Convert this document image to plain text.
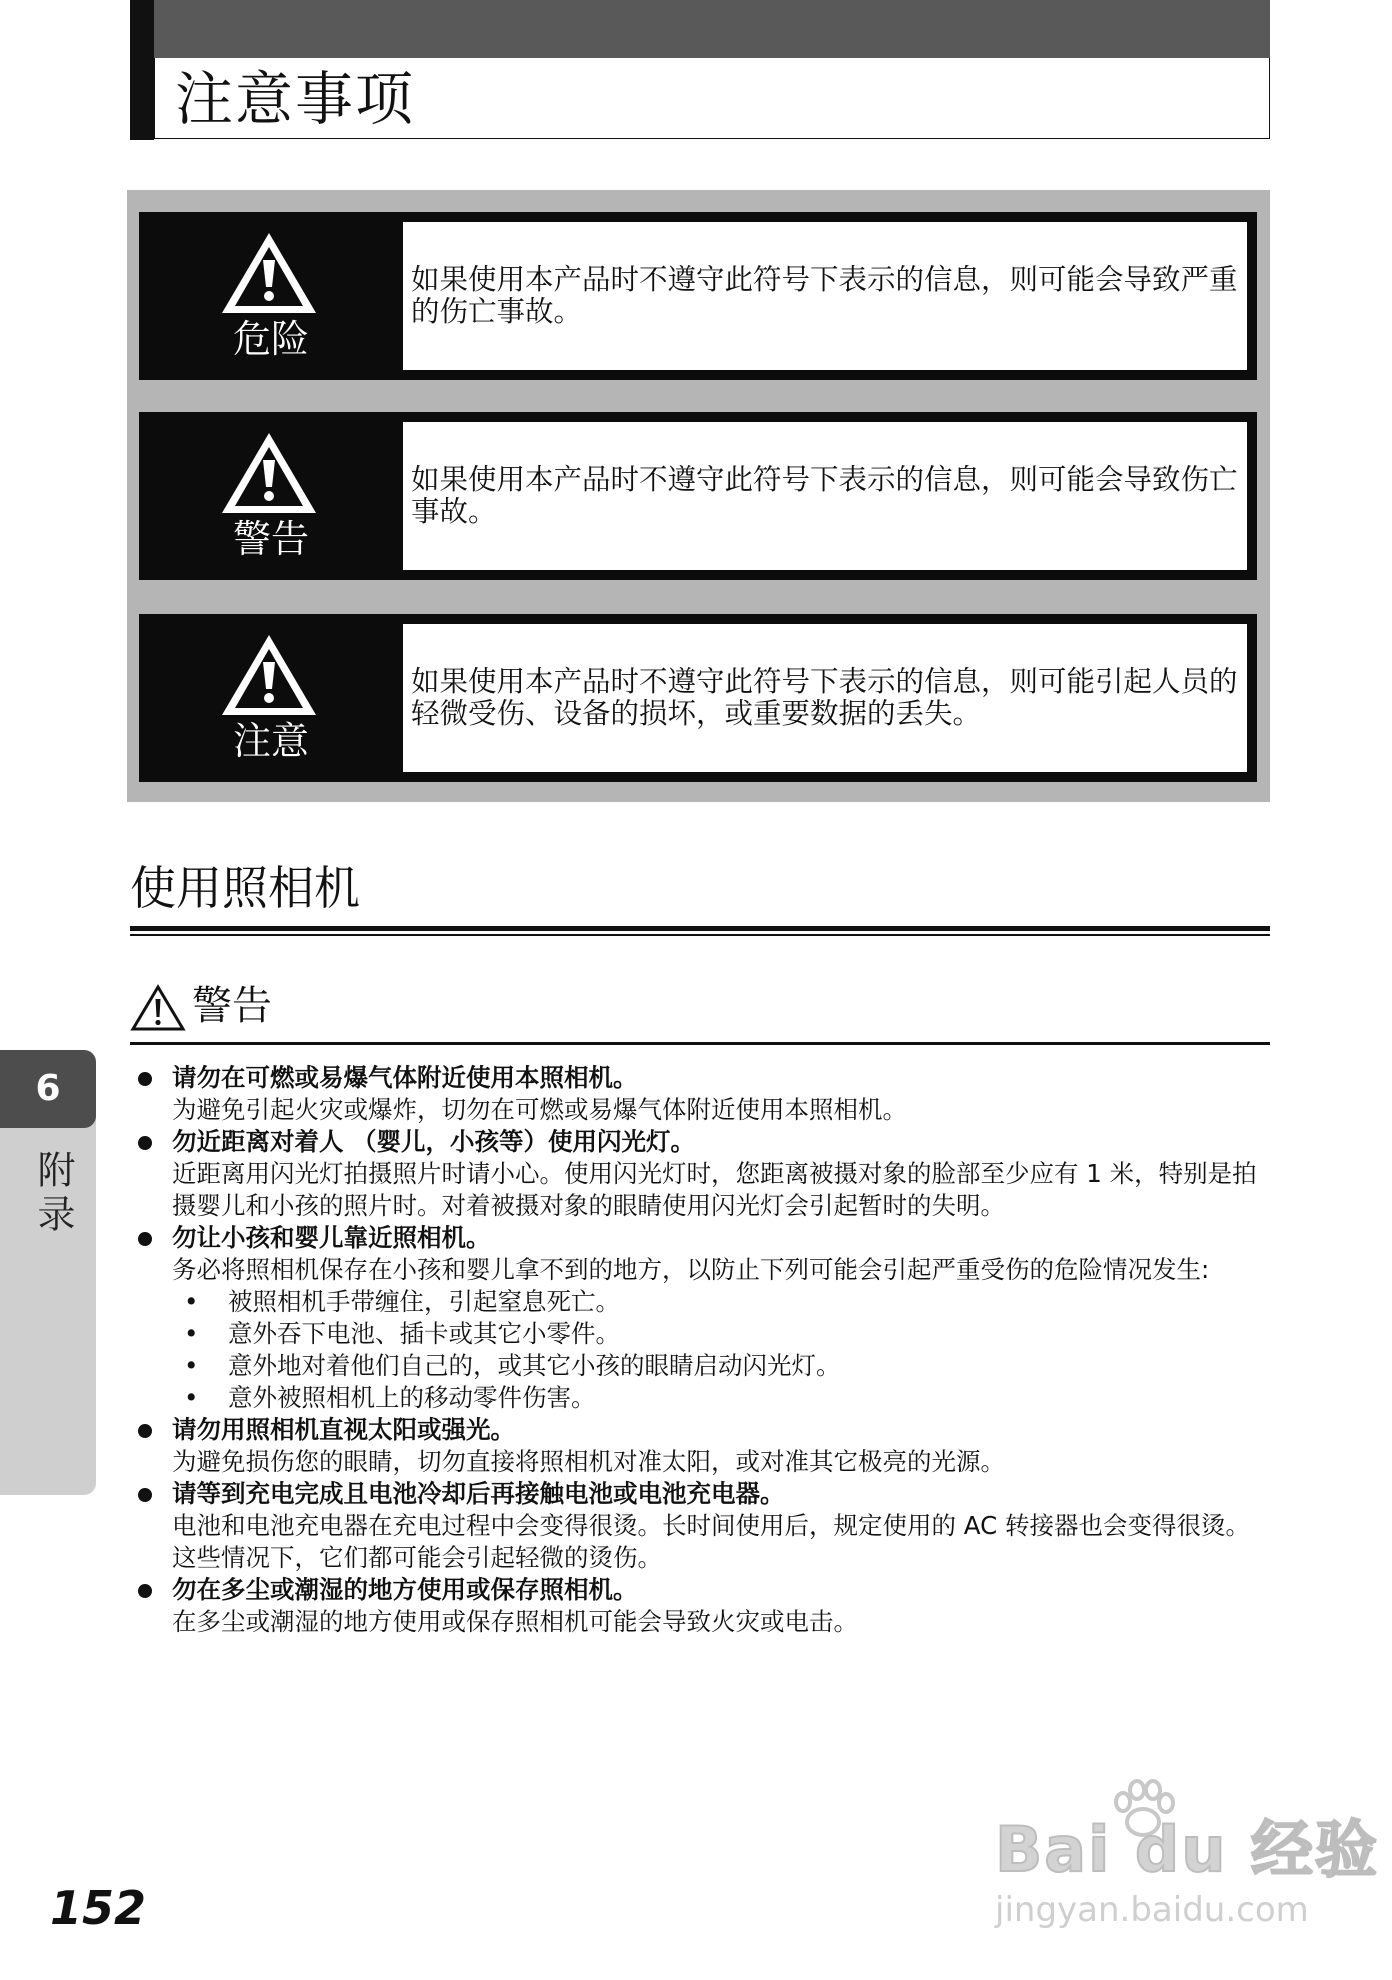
注意事项
危险
如果使用本产品时不遵守此符号下表示的信息，则可能会导致严重的伤亡事故。
警告
如果使用本产品时不遵守此符号下表示的信息，则可能会导致伤亡事故。
注意
如果使用本产品时不遵守此符号下表示的信息，则可能引起人员的轻微受伤、设备的损坏，或重要数据的丢失。
使用照相机
警告
请勿在可燃或易爆气体附近使用本照相机。
为避免引起火灾或爆炸，切勿在可燃或易爆气体附近使用本照相机。
勿近距离对着人 （婴儿，小孩等）使用闪光灯。
近距离用闪光灯拍摄照片时请小心。使用闪光灯时，您距离被摄对象的脸部至少应有 1 米，特别是拍摄婴儿和小孩的照片时。对着被摄对象的眼睛使用闪光灯会引起暂时的失明。
勿让小孩和婴儿靠近照相机。
务必将照相机保存在小孩和婴儿拿不到的地方，以防止下列可能会引起严重受伤的危险情况发生:
• 被照相机手带缠住，引起窒息死亡。
• 意外吞下电池、插卡或其它小零件。
• 意外地对着他们自己的，或其它小孩的眼睛启动闪光灯。
• 意外被照相机上的移动零件伤害。
请勿用照相机直视太阳或强光。
为避免损伤您的眼睛，切勿直接将照相机对准太阳，或对准其它极亮的光源。
请等到充电完成且电池冷却后再接触电池或电池充电器。
电池和电池充电器在充电过程中会变得很烫。长时间使用后，规定使用的 AC 转接器也会变得很烫。这些情况下，它们都可能会引起轻微的烫伤。
勿在多尘或潮湿的地方使用或保存照相机。
在多尘或潮湿的地方使用或保存照相机可能会导致火灾或电击。
6
附录
152
Bai du 经验
jingyan.baidu.com
